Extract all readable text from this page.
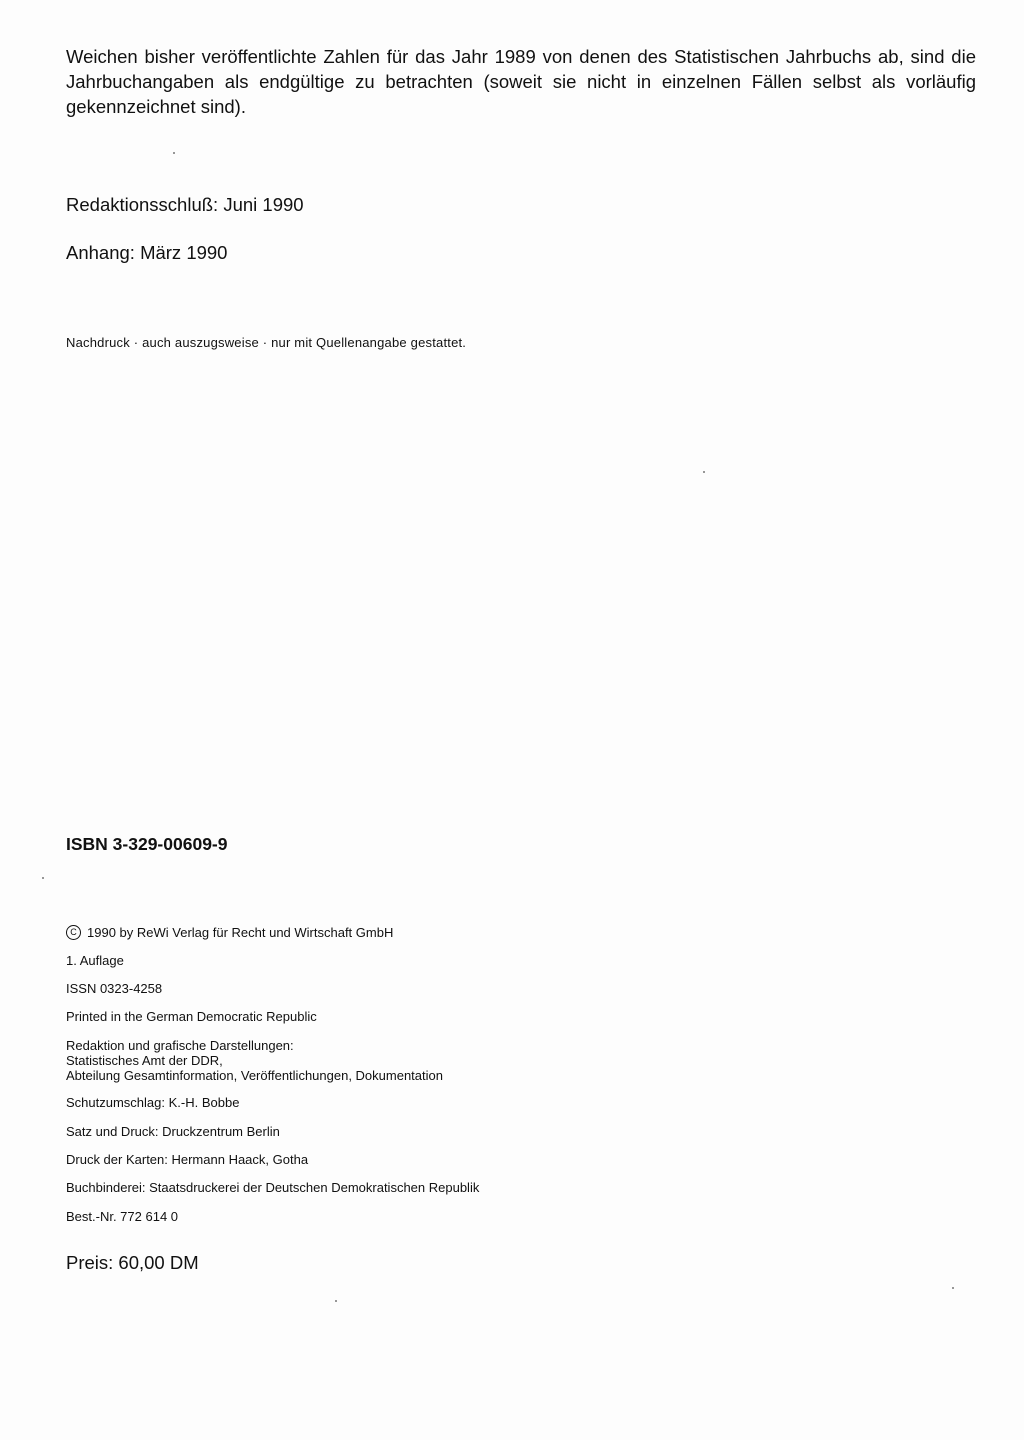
Weichen bisher veröffentlichte Zahlen für das Jahr 1989 von denen des Statistischen Jahrbuchs ab, sind die Jahrbuchangaben als endgültige zu betrachten (soweit sie nicht in einzelnen Fällen selbst als vorläufig gekennzeichnet sind).

Redaktionsschluß: Juni 1990

Anhang: März 1990

Nachdruck · auch auszugsweise · nur mit Quellenangabe gestattet.

ISBN 3-329-00609-9

C 1990 by ReWi Verlag für Recht und Wirtschaft GmbH

1. Auflage

ISSN 0323-4258

Printed in the German Democratic Republic

Redaktion und grafische Darstellungen:
Statistisches Amt der DDR,
Abteilung Gesamtinformation, Veröffentlichungen, Dokumentation

Schutzumschlag: K.-H. Bobbe

Satz und Druck: Druckzentrum Berlin

Druck der Karten: Hermann Haack, Gotha

Buchbinderei: Staatsdruckerei der Deutschen Demokratischen Republik

Best.-Nr. 772 614 0

Preis: 60,00 DM
